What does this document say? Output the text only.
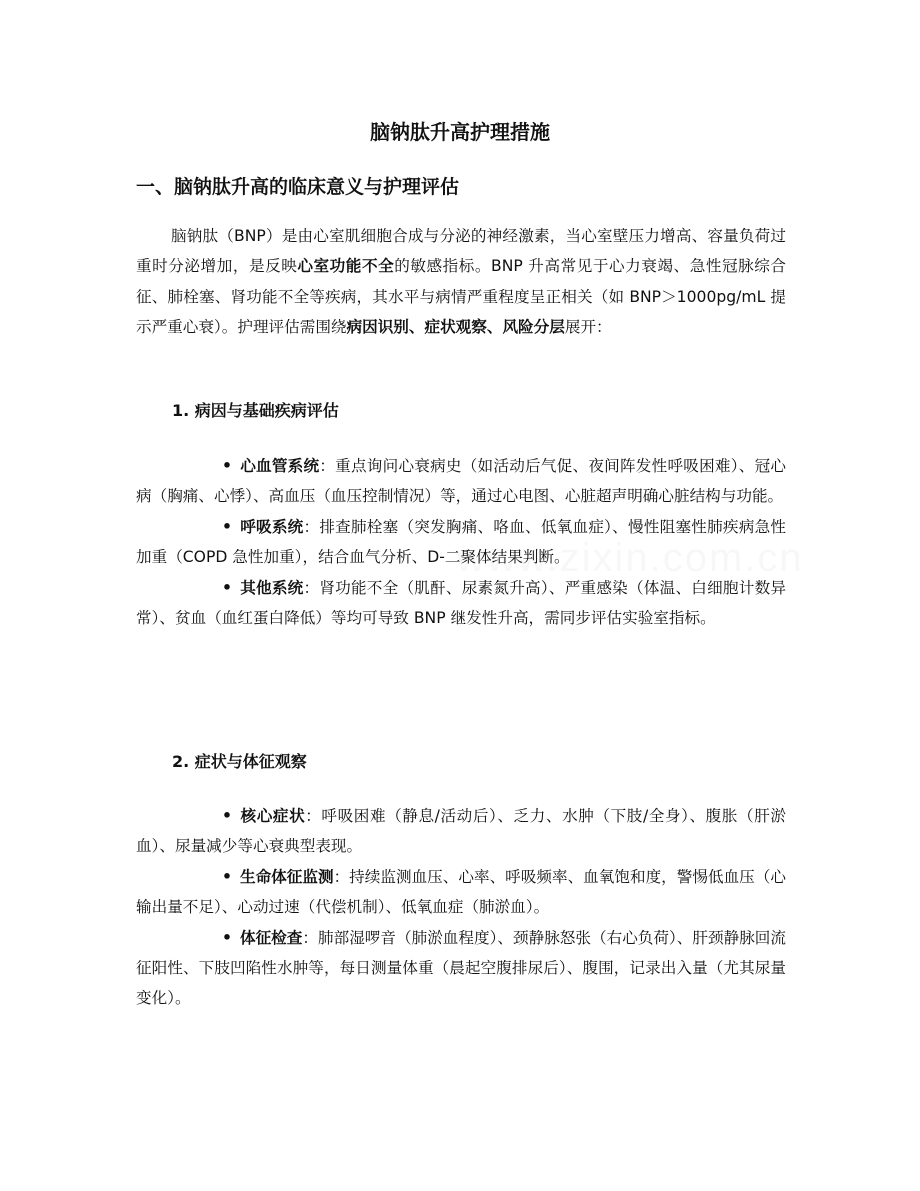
脑钠肽升高护理措施
一、脑钠肽升高的临床意义与护理评估

脑钠肽（BNP）是由心室肌细胞合成与分泌的神经激素，当心室壁压力增高、容量负荷过重时分泌增加，是反映心室功能不全的敏感指标。BNP 升高常见于心力衰竭、急性冠脉综合征、肺栓塞、肾功能不全等疾病，其水平与病情严重程度呈正相关（如 BNP＞1000pg/mL 提示严重心衰）。护理评估需围绕病因识别、症状观察、风险分层展开：

1. 病因与基础疾病评估

• 心血管系统：重点询问心衰病史（如活动后气促、夜间阵发性呼吸困难）、冠心病（胸痛、心悸）、高血压（血压控制情况）等，通过心电图、心脏超声明确心脏结构与功能。

• 呼吸系统：排查肺栓塞（突发胸痛、咯血、低氧血症）、慢性阻塞性肺疾病急性加重（COPD 急性加重），结合血气分析、D-二聚体结果判断。

• 其他系统：肾功能不全（肌酐、尿素氮升高）、严重感染（体温、白细胞计数异常）、贫血（血红蛋白降低）等均可导致 BNP 继发性升高，需同步评估实验室指标。

2. 症状与体征观察

• 核心症状：呼吸困难（静息/活动后）、乏力、水肿（下肢/全身）、腹胀（肝淤血）、尿量减少等心衰典型表现。

• 生命体征监测：持续监测血压、心率、呼吸频率、血氧饱和度，警惕低血压（心输出量不足）、心动过速（代偿机制）、低氧血症（肺淤血）。

• 体征检查：肺部湿啰音（肺淤血程度）、颈静脉怒张（右心负荷）、肝颈静脉回流征阳性、下肢凹陷性水肿等，每日测量体重（晨起空腹排尿后）、腹围，记录出入量（尤其尿量变化）。
